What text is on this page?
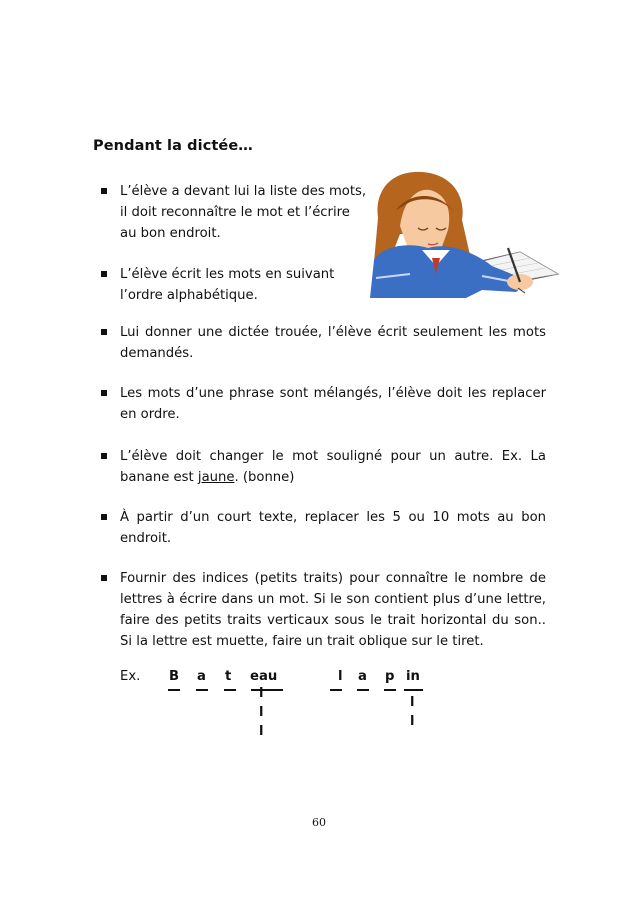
Pendant la dictée…
L’élève a devant lui la liste des mots, il doit reconnaître le mot et l’écrire au bon endroit.
L’élève écrit les mots en suivant l’ordre alphabétique.
Lui donner une dictée trouée, l’élève écrit seulement les mots demandés.
Les mots d’une phrase sont mélangés, l’élève doit les replacer en ordre.

L’élève doit changer le mot souligné pour un autre. Ex. La banane est jaune. (bonne)

À partir d’un court texte, replacer les 5 ou 10 mots au bon endroit.
Fournir des indices (petits traits) pour connaître le nombre de lettres à écrire dans un mot. Si le son contient plus d’une lettre, faire des petits traits verticaux sous le trait horizontal du son.. Si la lettre est muette, faire un trait oblique sur le tiret.
Ex. B a t eau	l a p in
l
l
l
l
l
60
